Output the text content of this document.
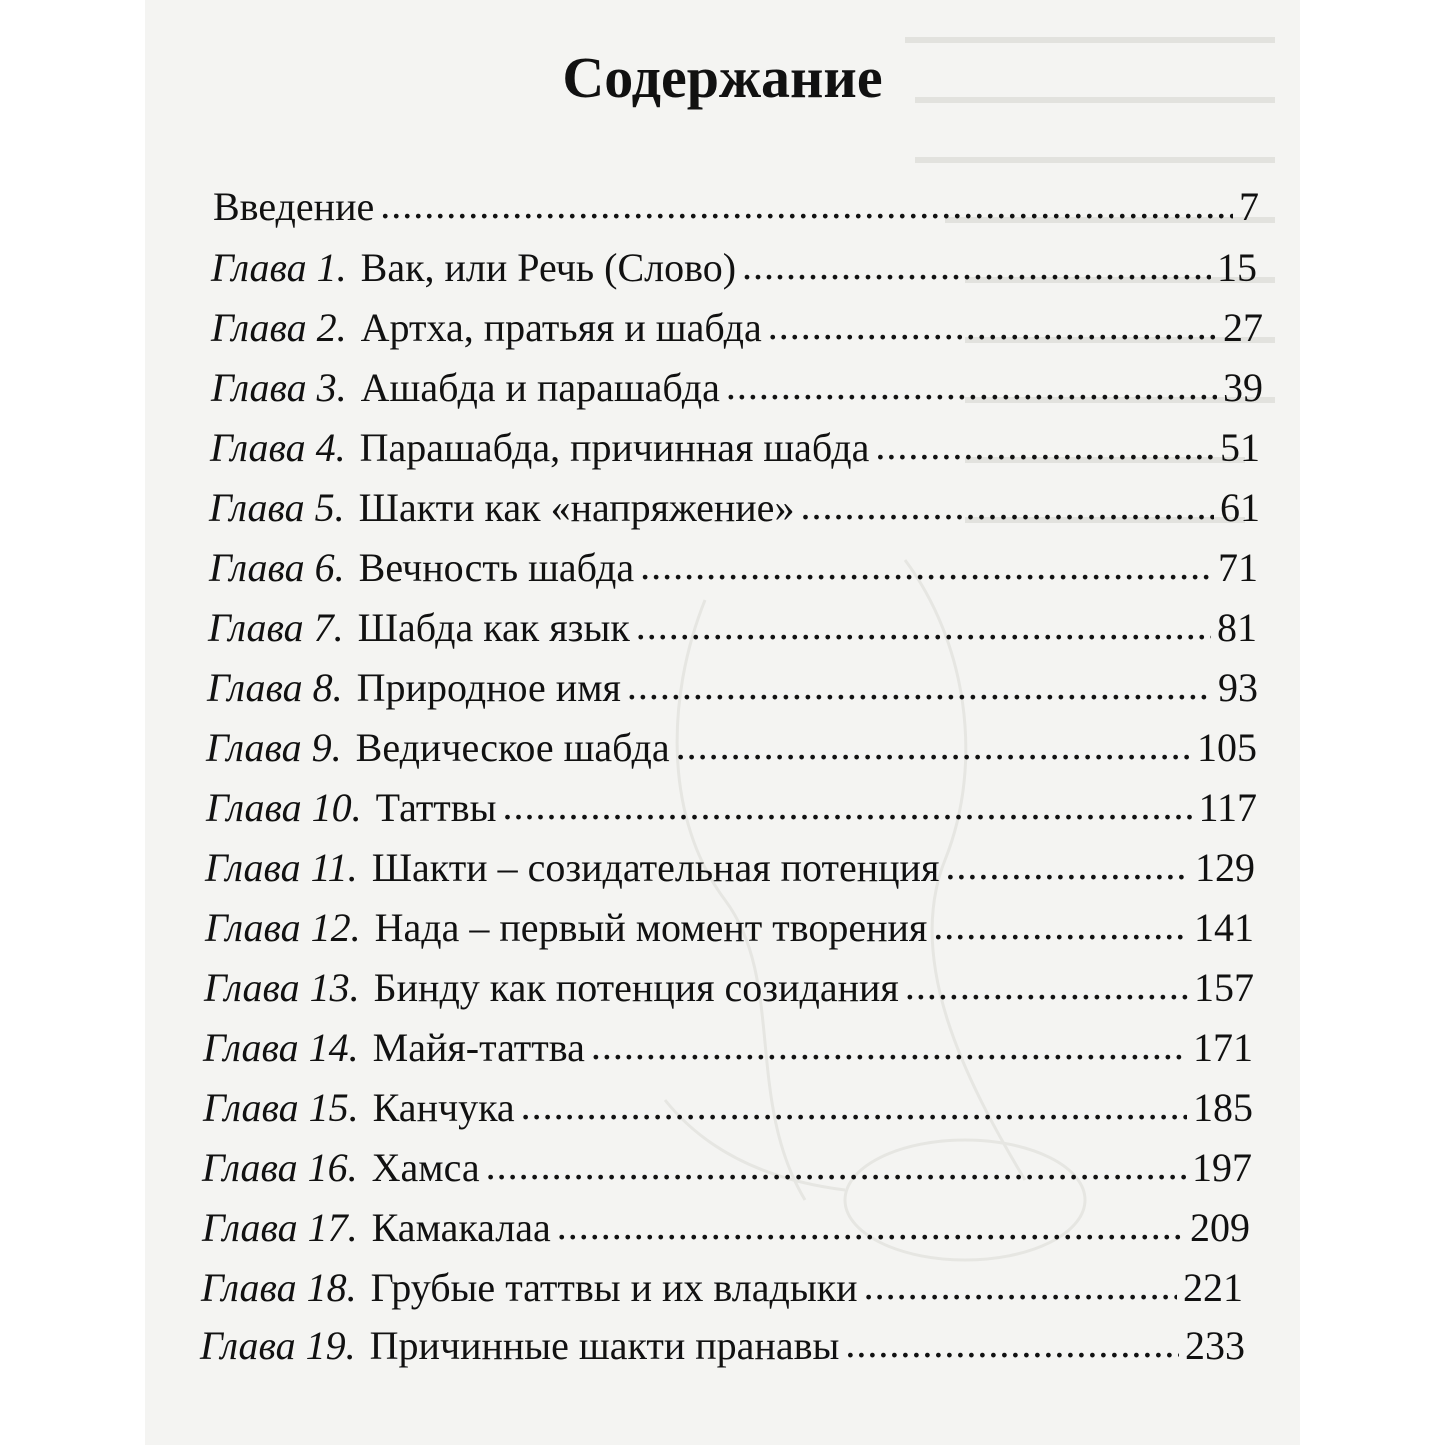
Содержание
Введение .....	7
Глава 1. Вак, или Речь (Слово) .....	15
Глава 2. Артха, пратьяя и шабда .....	27
Глава 3. Ашабда и парашабда .....	39
Глава 4. Парашабда, причинная шабда .....	51
Глава 5. Шакти как «напряжение» .....	61
Глава 6. Вечность шабда .....	71
Глава 7. Шабда как язык .....	81
Глава 8. Природное имя .....	93
Глава 9. Ведическое шабда .....	105
Глава 10. Таттвы .....	117
Глава 11. Шакти – созидательная потенция .....	129
Глава 12. Нада – первый момент творения .....	141
Глава 13. Бинду как потенция созидания .....	157
Глава 14. Майя-таттва .....	171
Глава 15. Канчука .....	185
Глава 16. Хамса .....	197
Глава 17. Камакалаа .....	209
Глава 18. Грубые таттвы и их владыки .....	221
Глава 19. Причинные шакти пранавы .....	233
